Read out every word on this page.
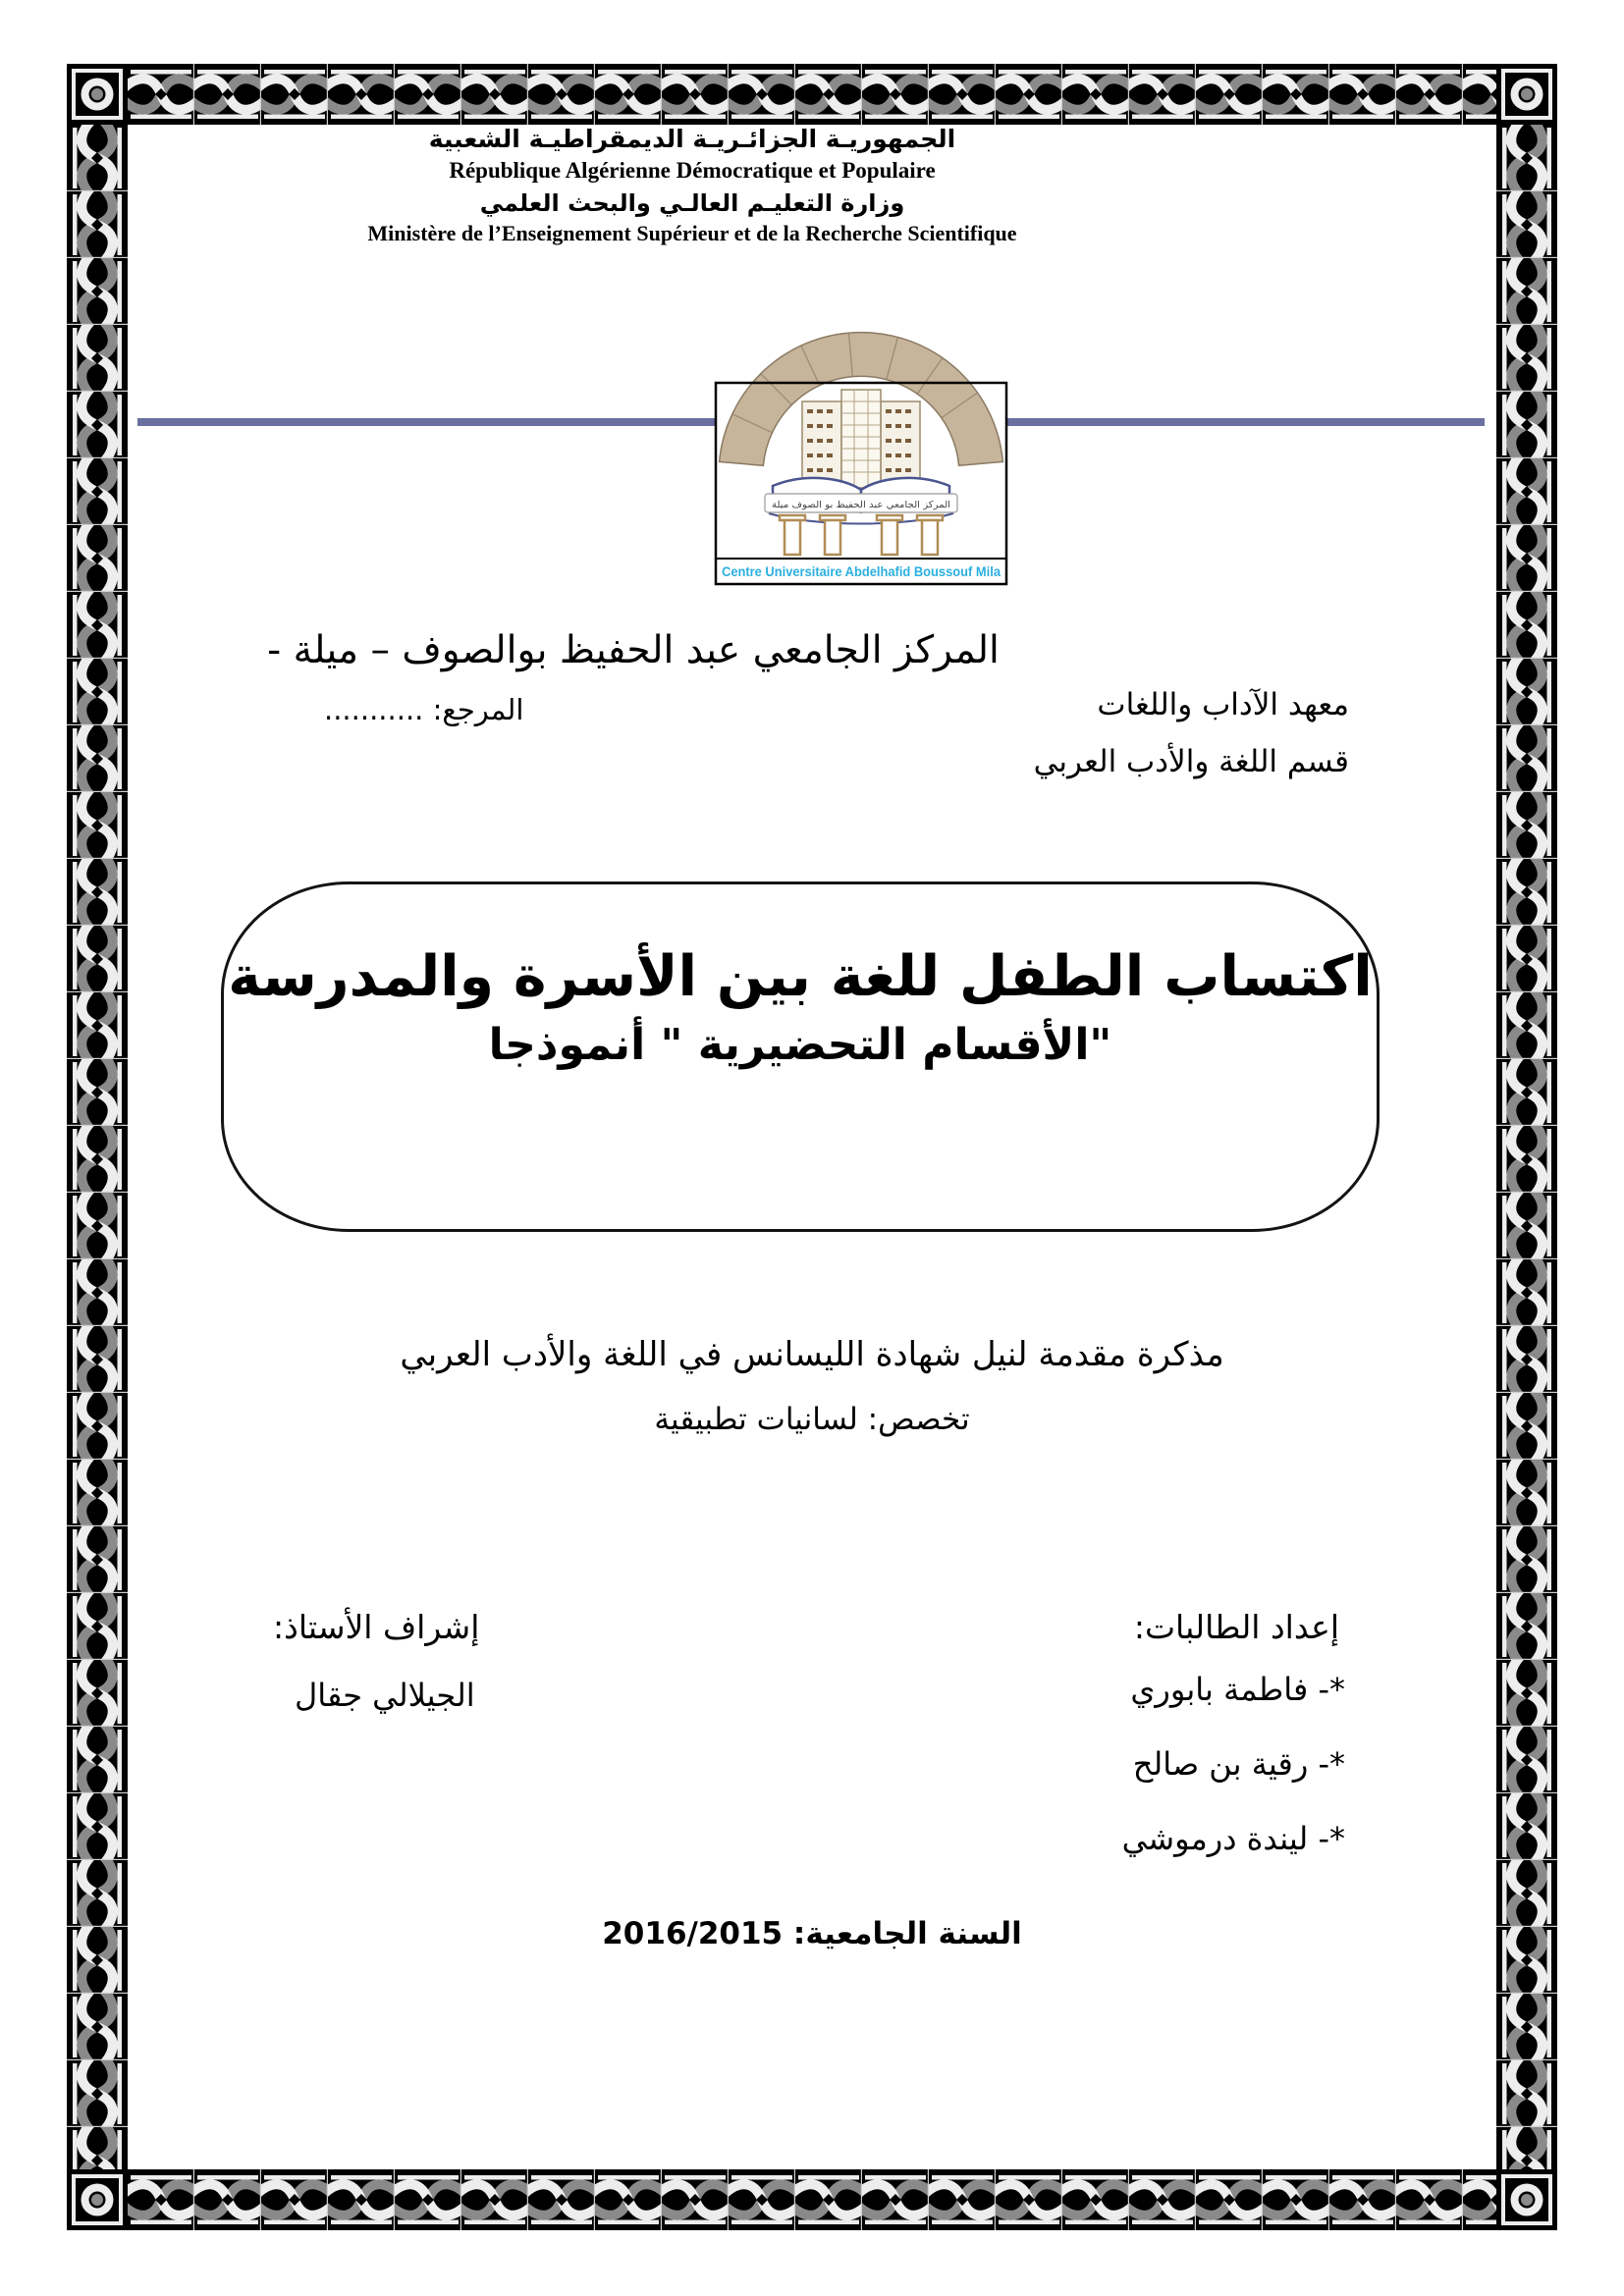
الجمهوريـة الجزائـريـة الديمقراطيـة الشعبية
République Algérienne Démocratique et Populaire
وزارة التعليـم العالـي والبحث العلمي
Ministère de l’Enseignement Supérieur et de la Recherche Scientifique
المركز الجامعي عبد الحفيظ بو الصوف ميلة
Centre Universitaire Abdelhafid Boussouf Mila
المركز الجامعي عبد الحفيظ بوالصوف – ميلة -
معهد الآداب واللغات
المرجع: ...........
قسم اللغة والأدب العربي
اكتساب الطفل للغة بين الأسرة والمدرسة
"الأقسام التحضيرية " أنموذجا
مذكرة مقدمة لنيل شهادة الليسانس في اللغة والأدب العربي
تخصص: لسانيات تطبيقية
إعداد الطالبات:
*- فاطمة بابوري
*- رقية بن صالح
*- ليندة درموشي
إشراف الأستاذ:
الجيلالي جقال
السنة الجامعية: 2016/2015
